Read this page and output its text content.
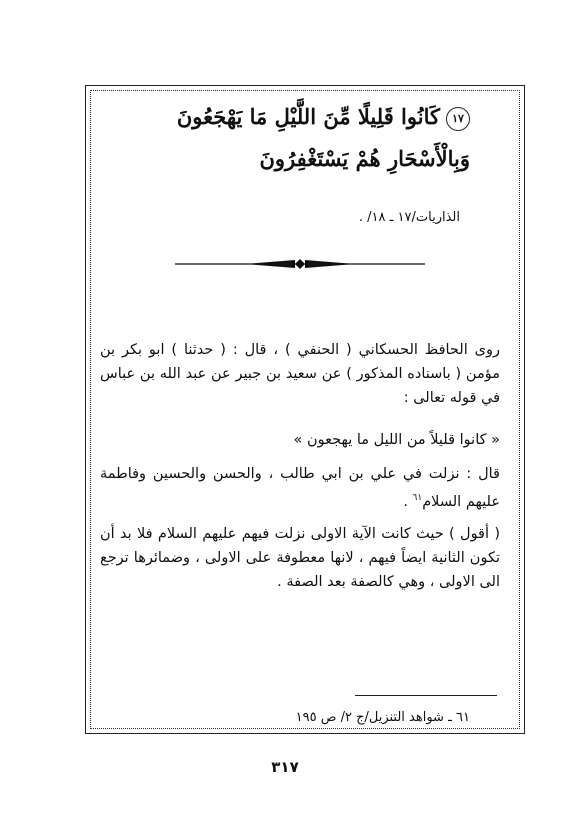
١٧كَانُوا قَلِيلًا مِّنَ اللَّيْلِ مَا يَهْجَعُونَ
وَبِالْأَسْحَارِ هُمْ يَسْتَغْفِرُونَ
الذاريات/١٧ ـ ١٨/ .

روى الحافظ الحسكاني ( الحنفي ) ، قال : ( حدثنا ) ابو بكر بن مؤمن ( باسناده المذكور ) عن سعيد بن جبير عن عبد الله بن عباس في قوله تعالى :

« كانوا قليلاً من الليل ما يهجعون »

قال : نزلت في علي بن ابي طالب ، والحسن والحسين وفاطمة عليهم السلام$^{٦١}$ .

( أقول ) حيث كانت الآية الاولى نزلت فيهم عليهم السلام فلا بد أن تكون الثانية ايضاً فيهم ، لانها معطوفة على الاولى ، وضمائرها ترجع الى الاولى ، وهي كالصفة بعد الصفة .

٦١ ـ شواهد التنزيل/ج ٢/ ص ١٩٥
٣١٧
